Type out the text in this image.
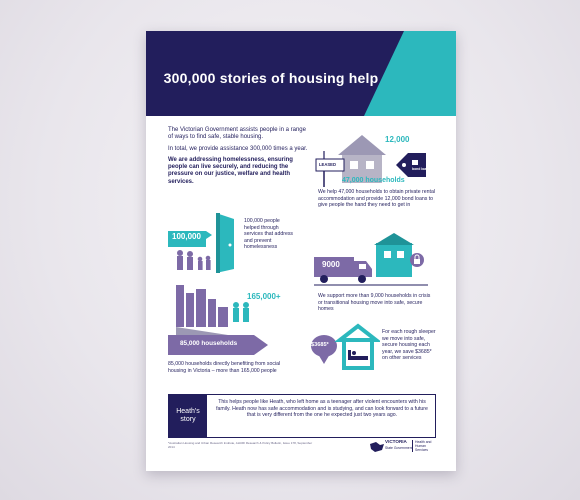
300,000 stories of housing help

The Victorian Government assists people in a range of ways to find safe, stable housing.

In total, we provide assistance 300,000 times a year.

We are addressing homelessness, ensuring people can live securely, and reducing the pressure on our justice, welfare and health services.

LEASED
12,000
bond loans
47,000 households
We help 47,000 households to obtain private rental accommodation and provide 12,000 bond loans to give people the hand they need to get in
100,000
100,000 people helped through services that address and prevent homelessness
9000
We support more than 9,000 households in crisis or transitional housing move into safe, secure homes
165,000+
85,000 households
85,000 households directly benefiting from social housing in Victoria – more than 165,000 people
$3685*
For each rough sleeper we move into safe, secure housing each year, we save $3685* on other services
Heath's story
This helps people like Heath, who left home as a teenager after violent encounters with his family. Heath now has safe accommodation and is studying, and can look forward to a future that is very different from the one he expected just two years ago.
*Australian Housing and Urban Research Institute, AHURI Research & Policy Bulletin, Issue 178, September 2014
VICTORIA
State Government
Health and Human Services
